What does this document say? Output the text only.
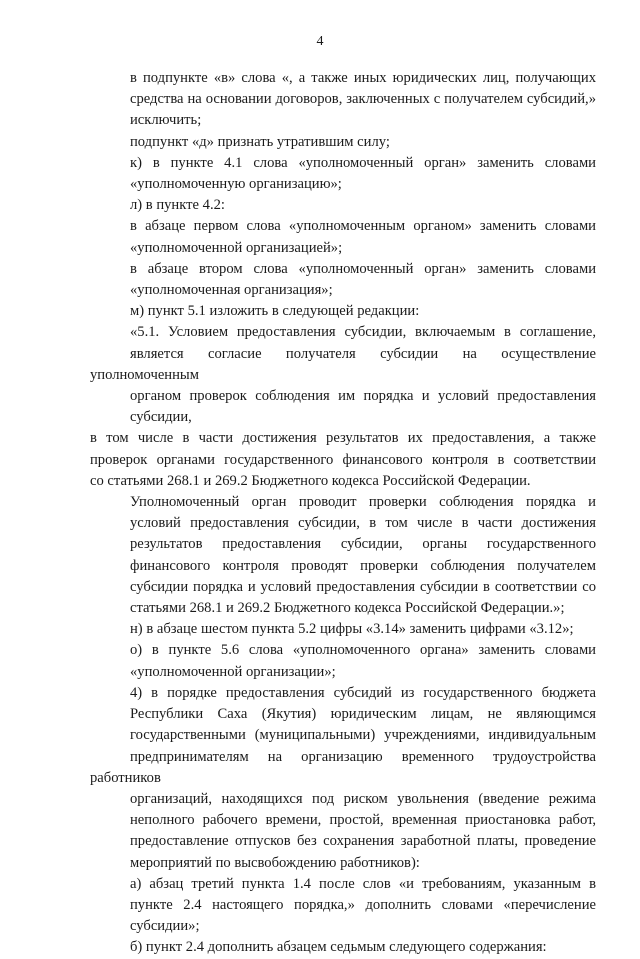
4

в подпункте «в» слова «, а также иных юридических лиц, получающих
средства на основании договоров, заключенных с получателем субсидий,»
исключить;

подпункт «д» признать утратившим силу;

к) в пункте 4.1 слова «уполномоченный орган» заменить словами
«уполномоченную организацию»;

л) в пункте 4.2:

в абзаце первом слова «уполномоченным органом» заменить словами
«уполномоченной организацией»;

в абзаце втором слова «уполномоченный орган» заменить словами
«уполномоченная организация»;

м) пункт 5.1 изложить в следующей редакции:

«5.1. Условием предоставления субсидии, включаемым в соглашение,
является согласие получателя субсидии на осуществление уполномоченным
органом проверок соблюдения им порядка и условий предоставления
субсидии,

в том числе в части достижения результатов их предоставления, а также
проверок органами государственного финансового контроля в соответствии
со статьями 268.1 и 269.2 Бюджетного кодекса Российской Федерации.

Уполномоченный орган проводит проверки соблюдения порядка и
условий предоставления субсидии, в том числе в части достижения
результатов предоставления субсидии, органы государственного
финансового контроля проводят проверки соблюдения получателем
субсидии порядка и условий предоставления субсидии в соответствии со
статьями 268.1 и 269.2 Бюджетного кодекса Российской Федерации.»;

н) в абзаце шестом пункта 5.2 цифры «3.14» заменить цифрами «3.12»;

о) в пункте 5.6 слова «уполномоченного органа» заменить словами
«уполномоченной организации»;

4) в порядке предоставления субсидий из государственного бюджета
Республики Саха (Якутия) юридическим лицам, не являющимся
государственными (муниципальными) учреждениями, индивидуальным
предпринимателям на организацию временного трудоустройства работников
организаций, находящихся под риском увольнения (введение режима
неполного рабочего времени, простой, временная приостановка работ,
предоставление отпусков без сохранения заработной платы, проведение
мероприятий по высвобождению работников):

а) абзац третий пункта 1.4 после слов «и требованиям, указанным в
пункте 2.4 настоящего порядка,» дополнить словами «перечисление
субсидии»;

б) пункт 2.4 дополнить абзацем седьмым следующего содержания:
